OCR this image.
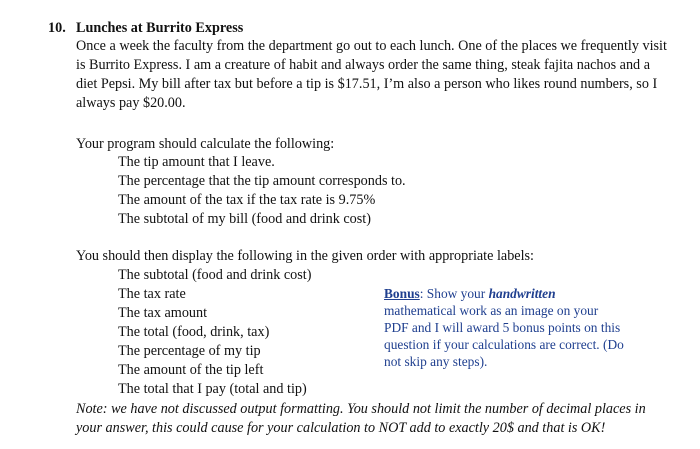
10. Lunches at Burrito Express
Once a week the faculty from the department go out to each lunch. One of the places we frequently visit
is Burrito Express. I am a creature of habit and always order the same thing, steak fajita nachos and a
diet Pepsi. My bill after tax but before a tip is $17.51, I’m also a person who likes round numbers, so I
always pay $20.00.
Your program should calculate the following:
The tip amount that I leave.
The percentage that the tip amount corresponds to.
The amount of the tax if the tax rate is 9.75%
The subtotal of my bill (food and drink cost)
You should then display the following in the given order with appropriate labels:
The subtotal (food and drink cost)
The tax rate
The tax amount
The total (food, drink, tax)
The percentage of my tip
The amount of the tip left
The total that I pay (total and tip)
Bonus: Show your handwritten
mathematical work as an image on your
PDF and I will award 5 bonus points on this
question if your calculations are correct. (Do
not skip any steps).
Note: we have not discussed output formatting. You should not limit the number of decimal places in
your answer, this could cause for your calculation to NOT add to exactly 20$ and that is OK!
